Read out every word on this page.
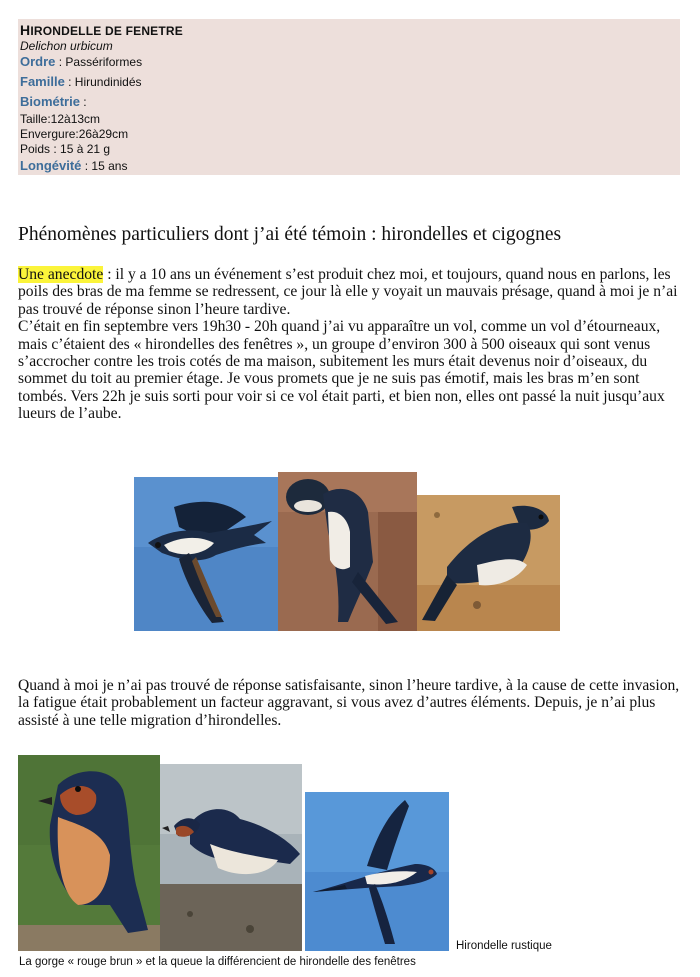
HIRONDELLE DE FENETRE
Delichon urbicum
Ordre : Passériformes
Famille : Hirundinidés
Biométrie :
Taille:12à13cm
Envergure:26à29cm
Poids : 15 à 21 g
Longévité : 15 ans
Phénomènes particuliers dont j’ai été témoin : hirondelles et cigognes

Une anecdote : il y a 10 ans un événement s’est produit chez moi, et toujours, quand nous en parlons, les poils des bras de ma femme se redressent, ce jour là elle y voyait un mauvais présage, quand à moi je n’ai pas trouvé de réponse sinon l’heure tardive.
C’était en fin septembre vers 19h30 - 20h quand j’ai vu apparaître un vol, comme un vol d’étourneaux, mais c’étaient des « hirondelles des fenêtres », un groupe d’environ 300 à 500 oiseaux qui sont venus s’accrocher contre les trois cotés de ma maison, subitement les murs était devenus noir d’oiseaux, du sommet du toit au premier étage. Je vous promets que je ne suis pas émotif, mais les bras m’en sont tombés. Vers 22h je suis sorti pour voir si ce vol était parti, et bien non, elles ont passé la nuit jusqu’aux lueurs de l’aube.

Quand à moi je n’ai pas trouvé de réponse satisfaisante, sinon l’heure tardive, à la cause de cette invasion, la fatigue était probablement un facteur aggravant, si vous avez d’autres éléments. Depuis, je n’ai plus assisté à une telle migration d’hirondelles.

Hirondelle rustique
La gorge « rouge brun » et la queue la différencient de hirondelle des fenêtres
